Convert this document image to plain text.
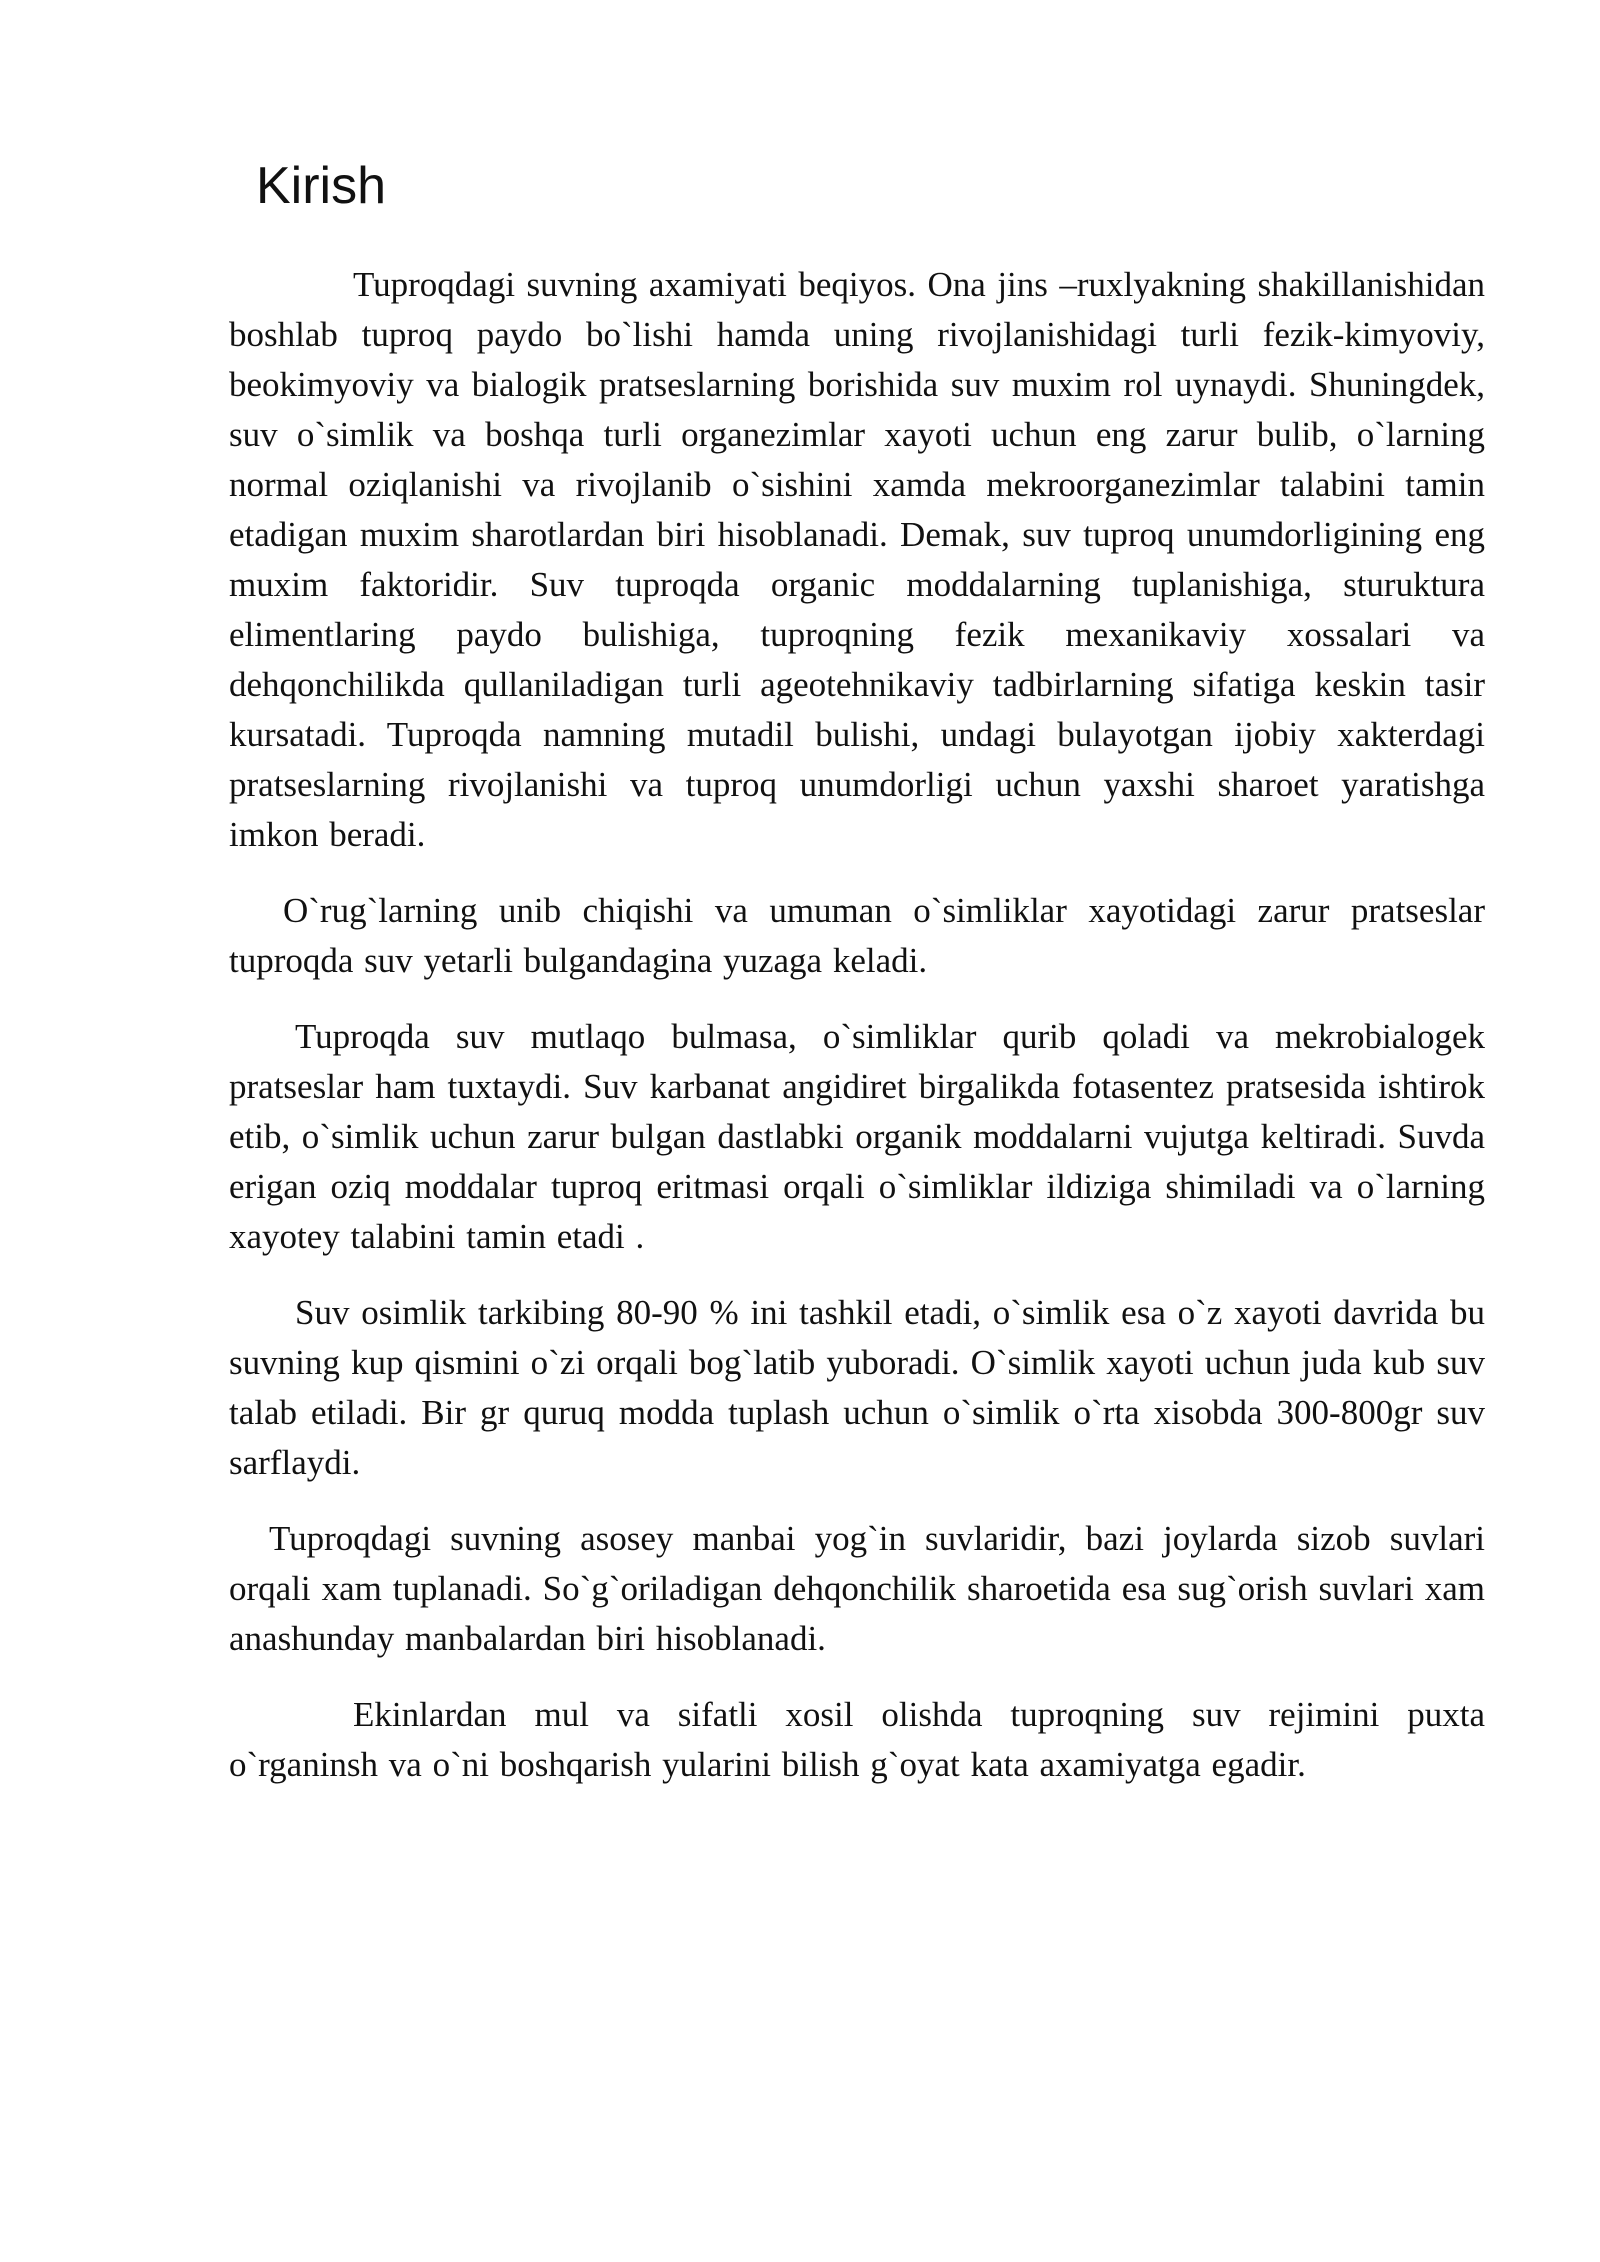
Kirish

Tuproqdagi suvning axamiyati beqiyos. Ona jins –ruxlyakning shakillanishidan boshlab tuproq paydo bo`lishi hamda uning rivojlanishidagi turli fezik-kimyoviy, beokimyoviy va bialogik pratseslarning borishida suv muxim rol uynaydi. Shuningdek, suv o`simlik va boshqa turli organezimlar xayoti uchun eng zarur bulib, o`larning normal oziqlanishi va rivojlanib o`sishini xamda mekroorganezimlar talabini tamin etadigan muxim sharotlardan biri hisoblanadi. Demak, suv tuproq unumdorligining eng muxim faktoridir. Suv tuproqda organic moddalarning tuplanishiga, sturuktura elimentlaring paydo bulishiga, tuproqning fezik mexanikaviy xossalari va dehqonchilikda qullaniladigan turli ageotehnikaviy tadbirlarning sifatiga keskin tasir kursatadi. Tuproqda namning mutadil bulishi, undagi bulayotgan ijobiy xakterdagi pratseslarning rivojlanishi va tuproq unumdorligi uchun yaxshi sharoet yaratishga imkon beradi.

O`rug`larning unib chiqishi va umuman o`simliklar xayotidagi zarur pratseslar tuproqda suv yetarli bulgandagina yuzaga keladi.

Tuproqda suv mutlaqo bulmasa, o`simliklar qurib qoladi va mekrobialogek pratseslar ham tuxtaydi. Suv karbanat angidiret birgalikda fotasentez pratsesida ishtirok etib, o`simlik uchun zarur bulgan dastlabki organik moddalarni vujutga keltiradi. Suvda erigan oziq moddalar tuproq eritmasi orqali o`simliklar ildiziga shimiladi va o`larning xayotey talabini tamin etadi .

Suv osimlik tarkibing 80-90 % ini tashkil etadi, o`simlik esa o`z xayoti davrida bu suvning kup qismini o`zi orqali bog`latib yuboradi. O`simlik xayoti uchun juda kub suv talab etiladi. Bir gr quruq modda tuplash uchun o`simlik o`rta xisobda 300-800gr suv sarflaydi.

Tuproqdagi suvning asosey manbai yog`in suvlaridir, bazi joylarda sizob suvlari orqali xam tuplanadi. So`g`oriladigan dehqonchilik sharoetida esa sug`orish suvlari xam anashunday manbalardan biri hisoblanadi.

Ekinlardan mul va sifatli xosil olishda tuproqning suv rejimini puxta o`rganinsh va o`ni boshqarish yularini bilish g`oyat kata axamiyatga egadir.
